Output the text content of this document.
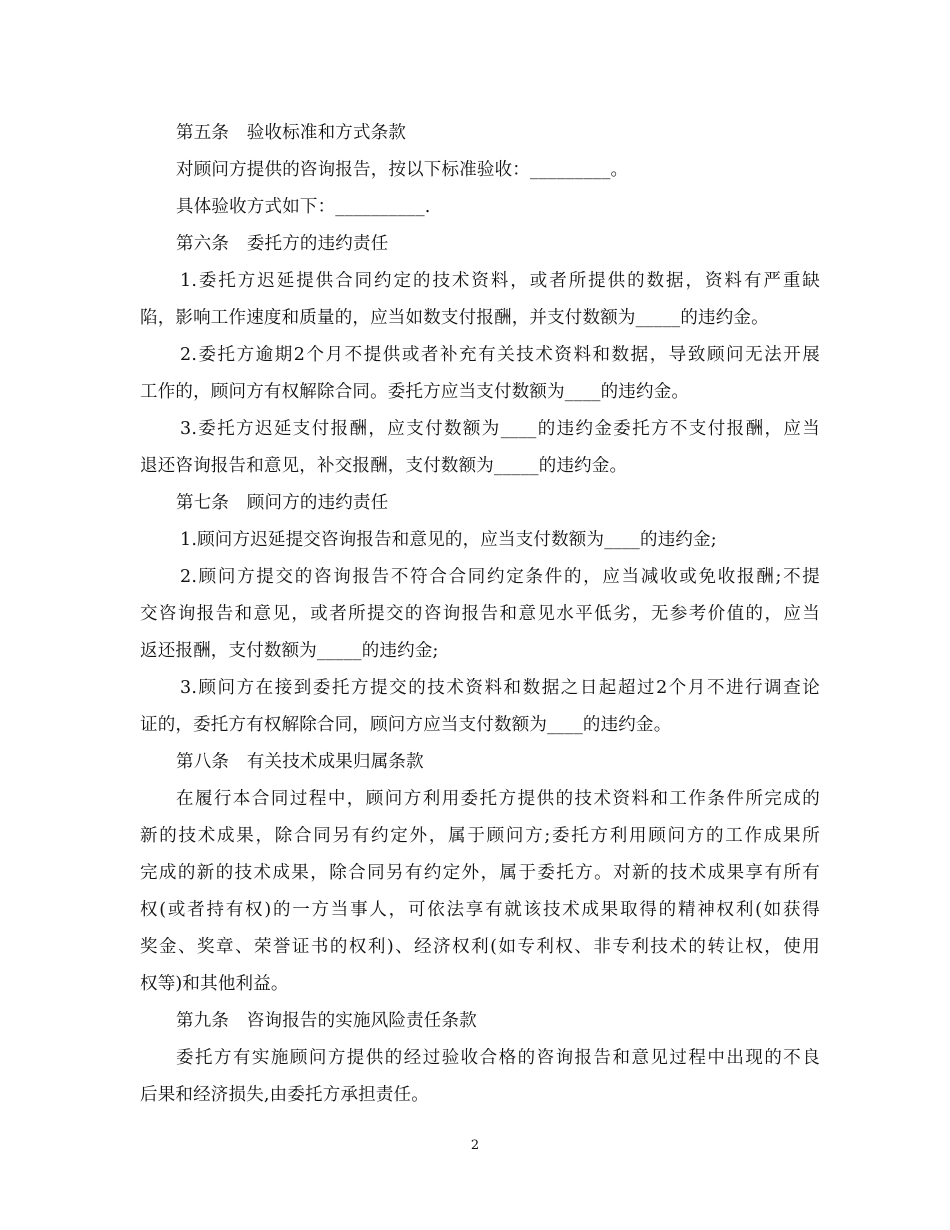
第五条　验收标准和方式条款
对顾问方提供的咨询报告，按以下标准验收：_________。
具体验收方式如下：__________.
第六条　委托方的违约责任
1.委托方迟延提供合同约定的技术资料，或者所提供的数据，资料有严重缺
陷，影响工作速度和质量的，应当如数支付报酬，并支付数额为_____的违约金。
2.委托方逾期2个月不提供或者补充有关技术资料和数据，导致顾问无法开展
工作的，顾问方有权解除合同。委托方应当支付数额为____的违约金。
3.委托方迟延支付报酬，应支付数额为____的违约金委托方不支付报酬，应当
退还咨询报告和意见，补交报酬，支付数额为_____的违约金。
第七条　顾问方的违约责任
1.顾问方迟延提交咨询报告和意见的，应当支付数额为____的违约金;
2.顾问方提交的咨询报告不符合合同约定条件的，应当减收或免收报酬;不提
交咨询报告和意见，或者所提交的咨询报告和意见水平低劣，无参考价值的，应当
返还报酬，支付数额为_____的违约金;
3.顾问方在接到委托方提交的技术资料和数据之日起超过2个月不进行调查论
证的，委托方有权解除合同，顾问方应当支付数额为____的违约金。
第八条　有关技术成果归属条款
在履行本合同过程中，顾问方利用委托方提供的技术资料和工作条件所完成的
新的技术成果，除合同另有约定外，属于顾问方;委托方利用顾问方的工作成果所
完成的新的技术成果，除合同另有约定外，属于委托方。对新的技术成果享有所有
权(或者持有权)的一方当事人，可依法享有就该技术成果取得的精神权利(如获得
奖金、奖章、荣誉证书的权利)、经济权利(如专利权、非专利技术的转让权，使用
权等)和其他利益。
第九条　咨询报告的实施风险责任条款
委托方有实施顾问方提供的经过验收合格的咨询报告和意见过程中出现的不良
后果和经济损失,由委托方承担责任。
2
